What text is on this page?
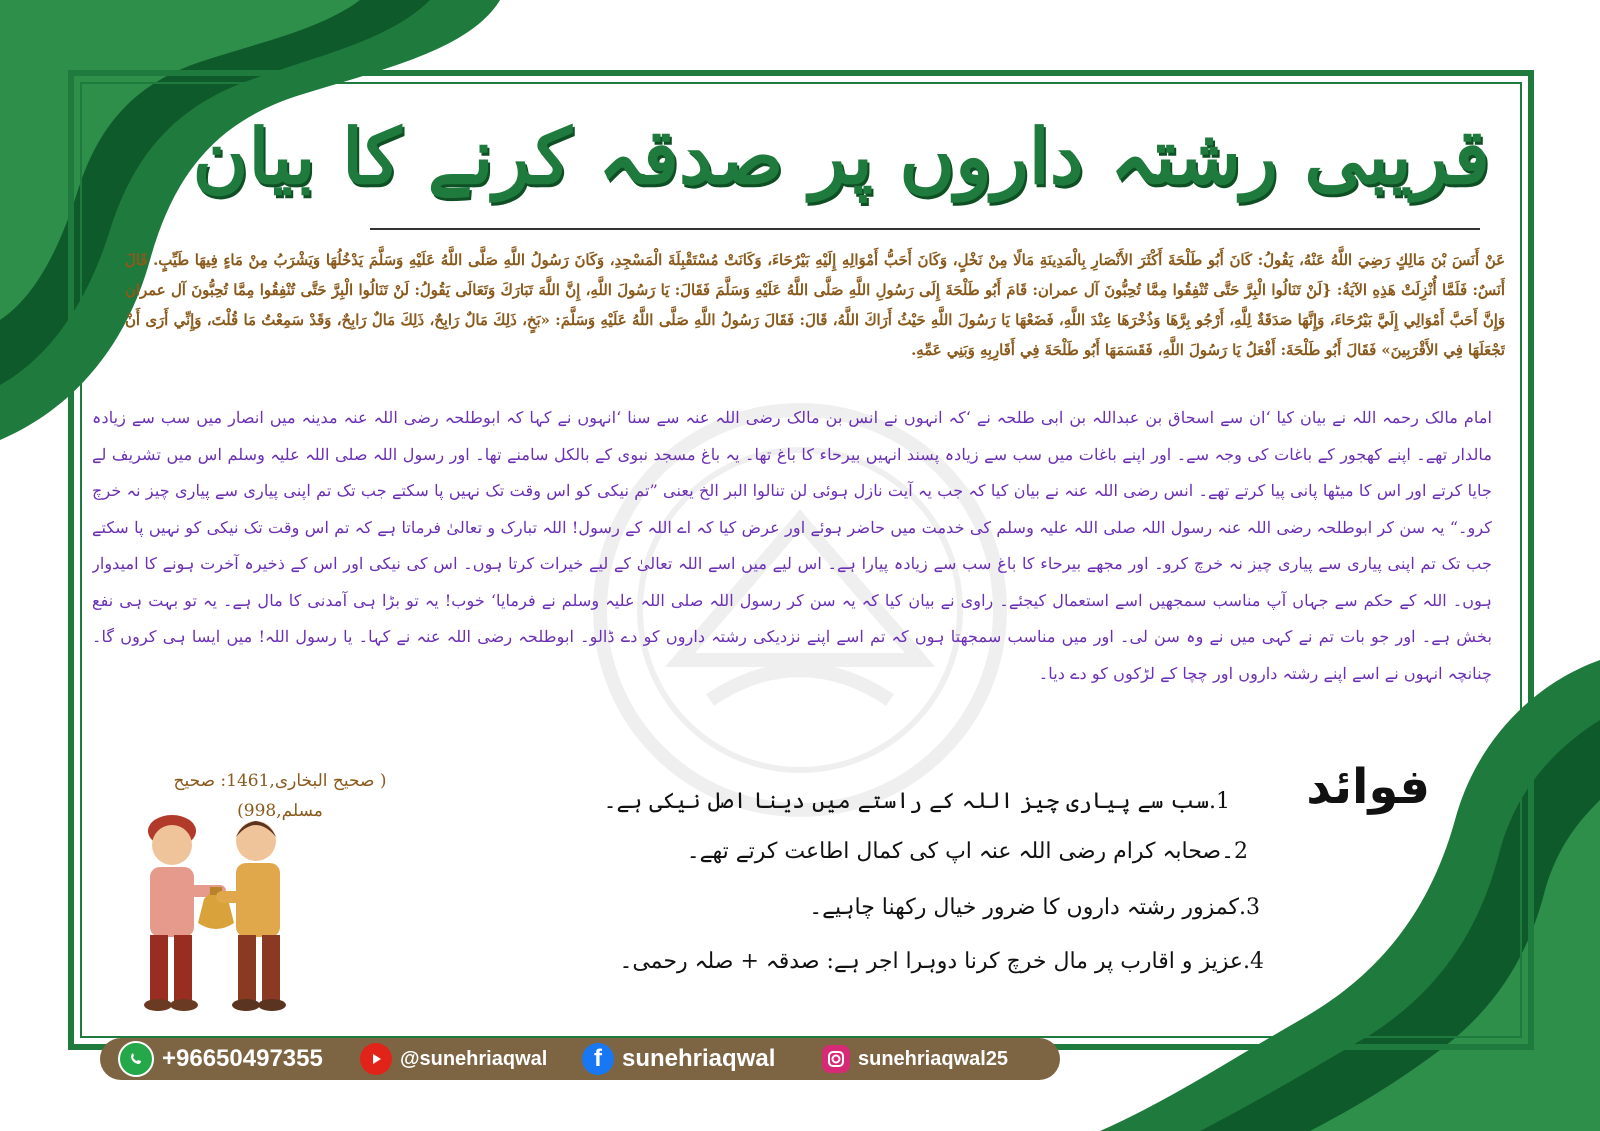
قریبی رشتہ داروں پر صدقہ کرنے کا بیان
عَنْ أَنَسَ بْنَ مَالِكٍ رَضِيَ اللَّهُ عَنْهُ، يَقُولُ: كَانَ أَبُو طَلْحَةَ أَكْثَرَ الأَنْصَارِ بِالْمَدِينَةِ مَالًا مِنْ نَخْلٍ، وَكَانَ أَحَبُّ أَمْوَالِهِ إِلَيْهِ بَيْرُحَاءَ، وَكَانَتْ مُسْتَقْبِلَةَ الْمَسْجِدِ، وَكَانَ رَسُولُ اللَّهِ صَلَّى اللَّهُ عَلَيْهِ وَسَلَّمَ يَدْخُلُهَا وَيَشْرَبُ مِنْ مَاءٍ فِيهَا طَيِّبٍ. قَالَ أَنَسٌ: فَلَمَّا أُنْزِلَتْ هَذِهِ الآيَةُ: {لَنْ تَنَالُوا الْبِرَّ حَتَّى تُنْفِقُوا مِمَّا تُحِبُّونَ آل عمران: قَامَ أَبُو طَلْحَةَ إِلَى رَسُولِ اللَّهِ صَلَّى اللَّهُ عَلَيْهِ وَسَلَّمَ فَقَالَ: يَا رَسُولَ اللَّهِ، إِنَّ اللَّهَ تَبَارَكَ وَتَعَالَى يَقُولُ: لَنْ تَنَالُوا الْبِرَّ حَتَّى تُنْفِقُوا مِمَّا تُحِبُّونَ آل عمران وَإِنَّ أَحَبَّ أَمْوَالِي إِلَيَّ بَيْرُحَاءَ، وَإِنَّهَا صَدَقَةٌ لِلَّهِ، أَرْجُو بِرَّهَا وَذُخْرَهَا عِنْدَ اللَّهِ، فَضَعْهَا يَا رَسُولَ اللَّهِ حَيْثُ أَرَاكَ اللَّهُ، قَالَ: فَقَالَ رَسُولُ اللَّهِ صَلَّى اللَّهُ عَلَيْهِ وَسَلَّمَ: «بَخٍ، ذَلِكَ مَالٌ رَابِحٌ، ذَلِكَ مَالٌ رَابِحٌ، وَقَدْ سَمِعْتُ مَا قُلْتَ، وَإِنِّي أَرَى أَنْ تَجْعَلَهَا فِي الأَقْرَبِينَ» فَقَالَ أَبُو طَلْحَةَ: أَفْعَلُ يَا رَسُولَ اللَّهِ، فَقَسَمَهَا أَبُو طَلْحَةَ فِي أَقَارِبِهِ وَبَنِي عَمِّهِ.
امام مالک رحمہ اللہ نے بیان کیا ‘ان سے اسحاق بن عبداللہ بن ابی طلحہ نے ‘کہ انہوں نے انس بن مالک رضی اللہ عنہ سے سنا ‘انہوں نے کہا کہ ابوطلحہ رضی اللہ عنہ مدینہ میں انصار میں سب سے زیادہ مالدار تھے۔ اپنے کھجور کے باغات کی وجہ سے۔ اور اپنے باغات میں سب سے زیادہ پسند انہیں بیرحاء کا باغ تھا۔ یہ باغ مسجد نبوی کے بالکل سامنے تھا۔ اور رسول اللہ صلی اللہ علیہ وسلم اس میں تشریف لے جایا کرتے اور اس کا میٹھا پانی پیا کرتے تھے۔ انس رضی اللہ عنہ نے بیان کیا کہ جب یہ آیت نازل ہوئی لن تنالوا البر الخ یعنی ”تم نیکی کو اس وقت تک نہیں پا سکتے جب تک تم اپنی پیاری سے پیاری چیز نہ خرچ کرو۔“ یہ سن کر ابوطلحہ رضی اللہ عنہ رسول اللہ صلی اللہ علیہ وسلم کی خدمت میں حاضر ہوئے اور عرض کیا کہ اے اللہ کے رسول! اللہ تبارک و تعالیٰ فرماتا ہے کہ تم اس وقت تک نیکی کو نہیں پا سکتے جب تک تم اپنی پیاری سے پیاری چیز نہ خرچ کرو۔ اور مجھے بیرحاء کا باغ سب سے زیادہ پیارا ہے۔ اس لیے میں اسے اللہ تعالیٰ کے لیے خیرات کرتا ہوں۔ اس کی نیکی اور اس کے ذخیرہ آخرت ہونے کا امیدوار ہوں۔ اللہ کے حکم سے جہاں آپ مناسب سمجھیں اسے استعمال کیجئے۔ راوی نے بیان کیا کہ یہ سن کر رسول اللہ صلی اللہ علیہ وسلم نے فرمایا‘ خوب! یہ تو بڑا ہی آمدنی کا مال ہے۔ یہ تو بہت ہی نفع بخش ہے۔ اور جو بات تم نے کہی میں نے وہ سن لی۔ اور میں مناسب سمجھتا ہوں کہ تم اسے اپنے نزدیکی رشتہ داروں کو دے ڈالو۔ ابوطلحہ رضی اللہ عنہ نے کہا۔ یا رسول اللہ! میں ایسا ہی کروں گا۔ چنانچہ انہوں نے اسے اپنے رشتہ داروں اور چچا کے لڑکوں کو دے دیا۔
( صحیح البخاری,1461: صحیح مسلم,998)	فوائد
1.سب سے پیاری چیز اللہ کے راستے میں دینا اصل نیکی ہے۔
2۔صحابہ کرام رضی اللہ عنہ اپ کی کمال اطاعت کرتے تھے۔
3.کمزور رشتہ داروں کا ضرور خیال رکھنا چاہیے۔
4.عزیز و اقارب پر مال خرچ کرنا دوہرا اجر ہے: صدقہ + صلہ رحمی۔
+96650497355	@sunehriaqwal f sunehriaqwal	sunehriaqwal25
